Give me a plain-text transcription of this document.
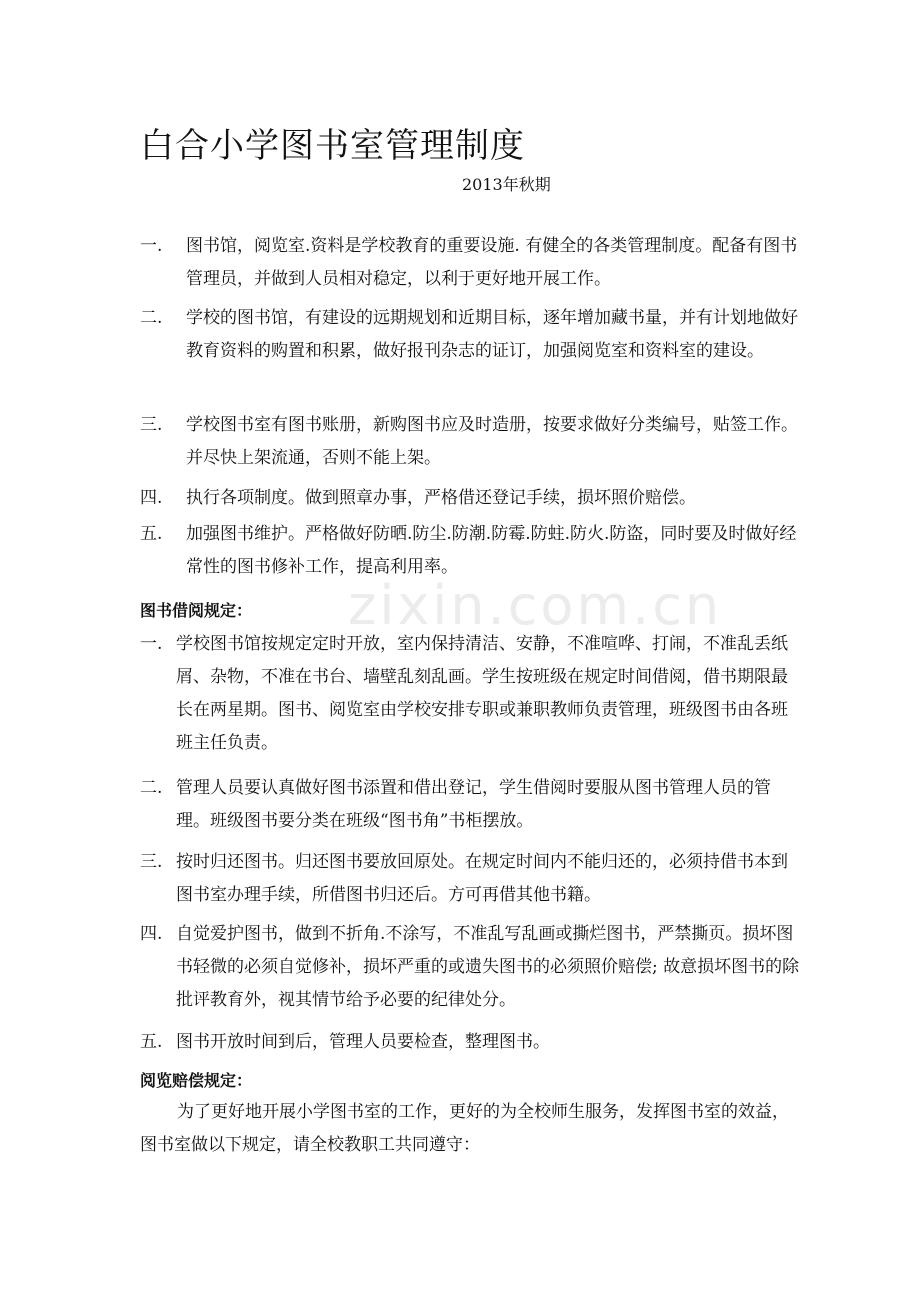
zixin.com.cn
白合小学图书室管理制度
2013年秋期
一. 图书馆，阅览室.资料是学校教育的重要设施. 有健全的各类管理制度。配备有图书管理员，并做到人员相对稳定，以利于更好地开展工作。
二. 学校的图书馆，有建设的远期规划和近期目标，逐年增加藏书量，并有计划地做好教育资料的购置和积累，做好报刊杂志的证订，加强阅览室和资料室的建设。
三. 学校图书室有图书账册，新购图书应及时造册，按要求做好分类编号，贴签工作。并尽快上架流通，否则不能上架。
四. 执行各项制度。做到照章办事，严格借还登记手续，损坏照价赔偿。
五. 加强图书维护。严格做好防晒.防尘.防潮.防霉.防蛀.防火.防盗，同时要及时做好经常性的图书修补工作，提高利用率。
图书借阅规定：
一. 学校图书馆按规定定时开放，室内保持清洁、安静，不准喧哗、打闹，不准乱丢纸屑、杂物，不准在书台、墙壁乱刻乱画。学生按班级在规定时间借阅，借书期限最长在两星期。图书、阅览室由学校安排专职或兼职教师负责管理，班级图书由各班班主任负责。
二. 管理人员要认真做好图书添置和借出登记，学生借阅时要服从图书管理人员的管理。班级图书要分类在班级“图书角”书柜摆放。
三. 按时归还图书。归还图书要放回原处。在规定时间内不能归还的，必须持借书本到图书室办理手续，所借图书归还后。方可再借其他书籍。
四. 自觉爱护图书，做到不折角.不涂写，不准乱写乱画或撕烂图书，严禁撕页。损坏图书轻微的必须自觉修补，损坏严重的或遗失图书的必须照价赔偿; 故意损坏图书的除批评教育外，视其情节给予必要的纪律处分。
五. 图书开放时间到后，管理人员要检查，整理图书。
阅览赔偿规定：
为了更好地开展小学图书室的工作，更好的为全校师生服务，发挥图书室的效益，图书室做以下规定，请全校教职工共同遵守：
